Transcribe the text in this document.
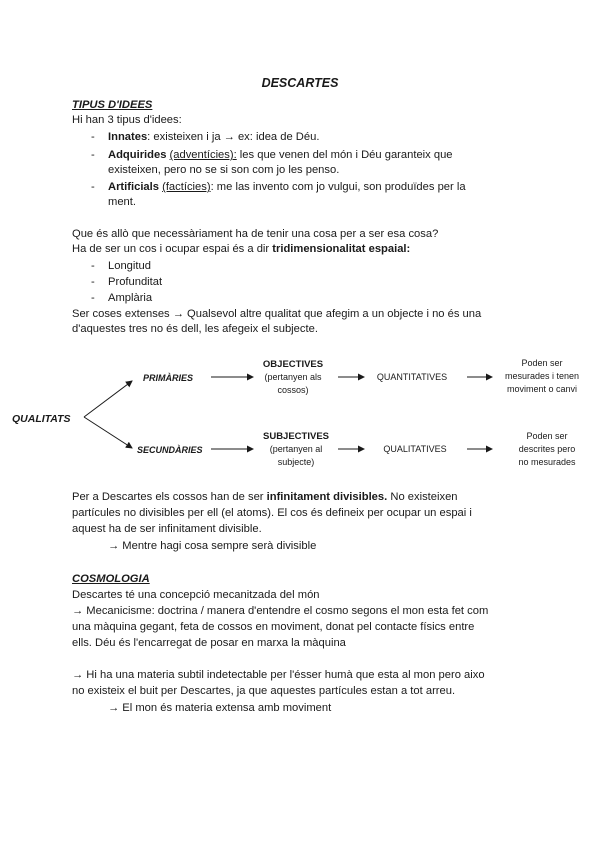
DESCARTES
TIPUS D'IDEES
Hi han 3 tipus d'idees:
- Innates: existeixen i ja → ex: idea de Déu.
- Adquirides (adventícies): les que venen del món i Déu garanteix que
existeixen, pero no se si son com jo les penso.
- Artificials (factícies): me las invento com jo vulgui, son produïdes per la
ment.
Que és allò que necessàriament ha de tenir una cosa per a ser esa cosa?
Ha de ser un cos i ocupar espai és a dir tridimensionalitat espaial:
- Longitud
- Profunditat
- Amplària
Ser coses extenses → Qualsevol altre qualitat que afegim a un objecte i no és una
d'aquestes tres no és dell, les afegeix el subjecte.
QUALITATS
PRIMÀRIES
OBJECTIVES
(pertanyen als
cossos)
QUANTITATIVES
Poden ser
mesurades i tenen
moviment o canvi
SECUNDÀRIES
SUBJECTIVES
(pertanyen al
subjecte)
QUALITATIVES
Poden ser
descrites pero
no mesurades
Per a Descartes els cossos han de ser infinitament divisibles. No existeixen
partícules no divisibles per ell (el atoms). El cos és defineix per ocupar un espai i
aquest ha de ser infinitament divisible.
→ Mentre hagi cosa sempre serà divisible
COSMOLOGIA
Descartes té una concepció mecanitzada del món
→ Mecanicisme: doctrina / manera d'entendre el cosmo segons el mon esta fet com
una màquina gegant, feta de cossos en moviment, donat pel contacte físics entre
ells. Déu és l'encarregat de posar en marxa la màquina
→ Hi ha una materia subtil indetectable per l'ésser humà que esta al mon pero aixo
no existeix el buit per Descartes, ja que aquestes partícules estan a tot arreu.
→ El mon és materia extensa amb moviment
